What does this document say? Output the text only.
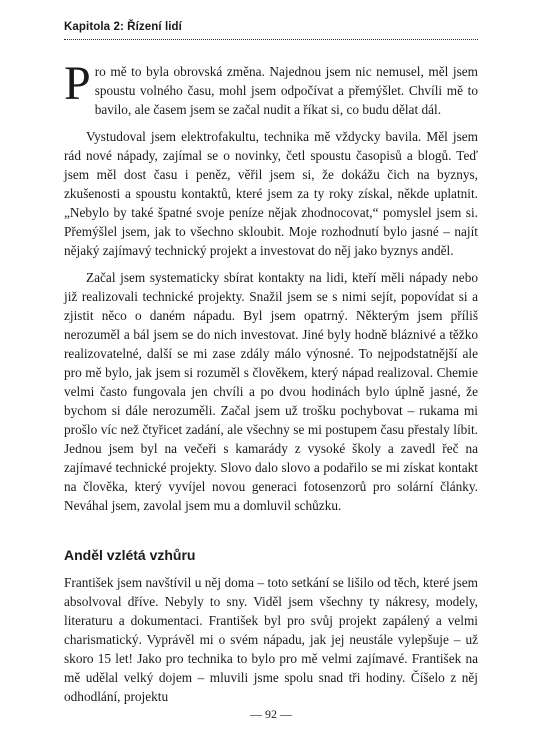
Kapitola 2: Řízení lidí

Pro mě to byla obrovská změna. Najednou jsem nic nemusel, měl jsem spoustu volného času, mohl jsem odpočívat a přemýšlet. Chvíli mě to bavilo, ale časem jsem se začal nudit a říkat si, co budu dělat dál.

Vystudoval jsem elektrofakultu, technika mě vždycky bavila. Měl jsem rád nové nápady, zajímal se o novinky, četl spoustu časopisů a blogů. Teď jsem měl dost času i peněz, věřil jsem si, že dokážu čich na byznys, zkušenosti a spoustu kontaktů, které jsem za ty roky získal, někde uplatnit. „Nebylo by také špatné svoje peníze nějak zhodnocovat,“ pomyslel jsem si. Přemýšlel jsem, jak to všechno skloubit. Moje rozhodnutí bylo jasné – najít nějaký zajímavý technický projekt a investovat do něj jako byznys anděl.

Začal jsem systematicky sbírat kontakty na lidi, kteří měli nápady nebo již realizovali technické projekty. Snažil jsem se s nimi sejít, popovídat si a zjistit něco o daném nápadu. Byl jsem opatrný. Některým jsem příliš nerozuměl a bál jsem se do nich investovat. Jiné byly hodně bláznivé a těžko realizovatelné, další se mi zase zdály málo výnosné. To nejpodstatnější ale pro mě bylo, jak jsem si rozuměl s člověkem, který nápad realizoval. Chemie velmi často fungovala jen chvíli a po dvou hodinách bylo úplně jasné, že bychom si dále nerozuměli. Začal jsem už trošku pochybovat – rukama mi prošlo víc než čtyřicet zadání, ale všechny se mi postupem času přestaly líbit. Jednou jsem byl na večeři s kamarády z vysoké školy a zavedl řeč na zajímavé technické projekty. Slovo dalo slovo a podařilo se mi získat kontakt na člověka, který vyvíjel novou generaci fotosenzorů pro solární články. Neváhal jsem, zavolal jsem mu a domluvil schůzku.

Anděl vzlétá vzhůru

František jsem navštívil u něj doma – toto setkání se lišilo od těch, které jsem absolvoval dříve. Nebyly to sny. Viděl jsem všechny ty nákresy, modely, literaturu a dokumentaci. František byl pro svůj projekt zapálený a velmi charismatický. Vyprávěl mi o svém nápadu, jak jej neustále vylepšuje – už skoro 15 let! Jako pro technika to bylo pro mě velmi zajímavé. František na mě udělal velký dojem – mluvili jsme spolu snad tři hodiny. Číšelo z něj odhodlání, projektu

— 92 —
